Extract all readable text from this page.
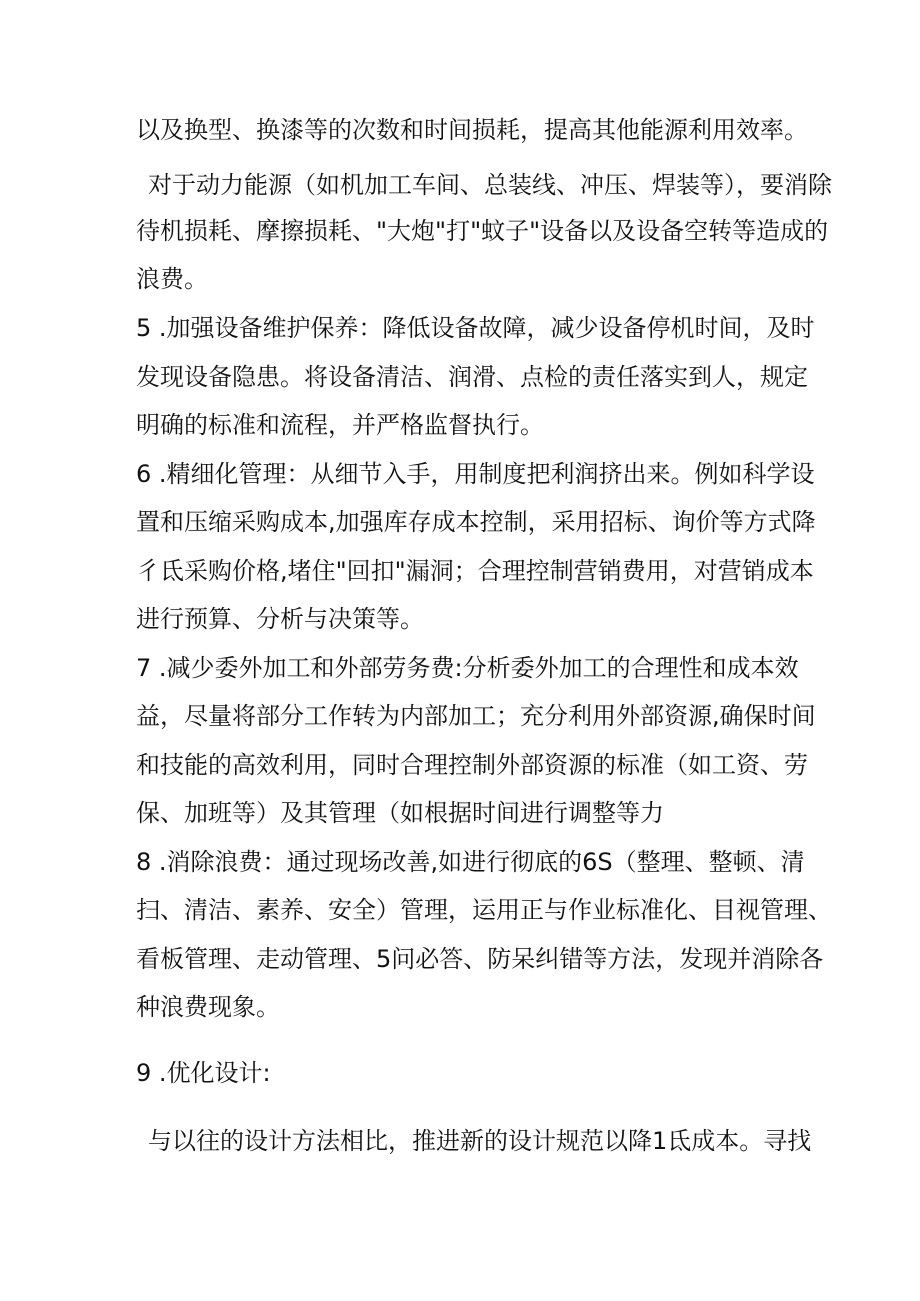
以及换型、换漆等的次数和时间损耗，提高其他能源利用效率。
对于动力能源（如机加工车间、总装线、冲压、焊装等），要消除
待机损耗、摩擦损耗、"大炮"打"蚊子"设备以及设备空转等造成的
浪费。
5 .加强设备维护保养：降低设备故障，减少设备停机时间，及时
发现设备隐患。将设备清洁、润滑、点检的责任落实到人，规定
明确的标准和流程，并严格监督执行。
6 .精细化管理：从细节入手，用制度把利润挤出来。例如科学设
置和压缩采购成本,加强库存成本控制，采用招标、询价等方式降
彳氐采购价格,堵住"回扣"漏洞；合理控制营销费用，对营销成本
进行预算、分析与决策等。
7 .减少委外加工和外部劳务费:分析委外加工的合理性和成本效
益，尽量将部分工作转为内部加工；充分利用外部资源,确保时间
和技能的高效利用，同时合理控制外部资源的标准（如工资、劳
保、加班等）及其管理（如根据时间进行调整等力
8 .消除浪费：通过现场改善,如进行彻底的6S（整理、整顿、清
扫、清洁、素养、安全）管理，运用正与作业标准化、目视管理、
看板管理、走动管理、5问必答、防呆纠错等方法，发现并消除各
种浪费现象。
9 .优化设计:
与以往的设计方法相比，推进新的设计规范以降1氐成本。寻找
